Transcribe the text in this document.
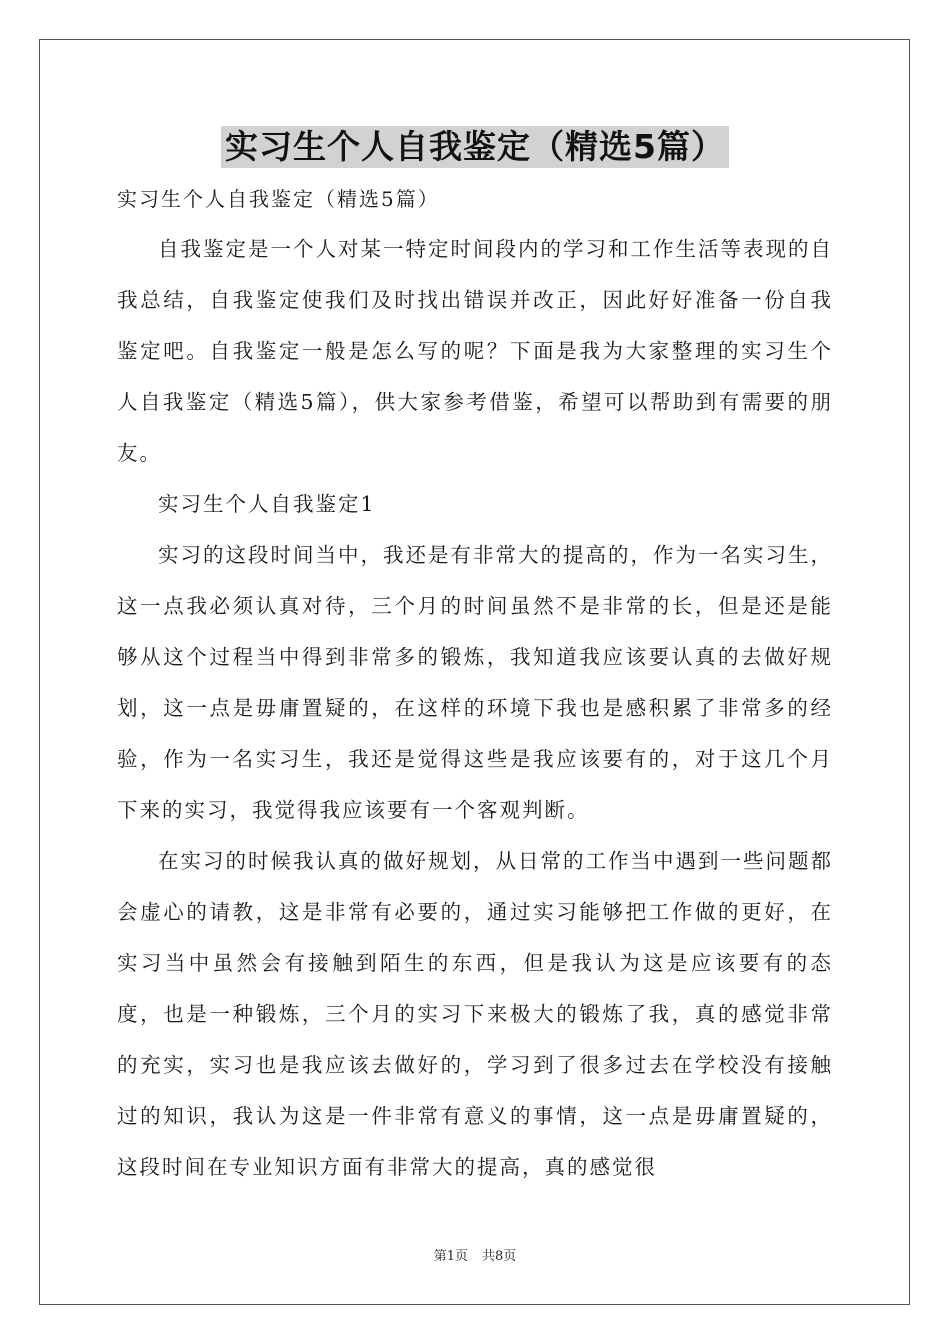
实习生个人自我鉴定（精选5篇）
实习生个人自我鉴定（精选5篇）

自我鉴定是一个人对某一特定时间段内的学习和工作生活等表现的自我总结，自我鉴定使我们及时找出错误并改正，因此好好准备一份自我鉴定吧。自我鉴定一般是怎么写的呢？下面是我为大家整理的实习生个人自我鉴定（精选5篇），供大家参考借鉴，希望可以帮助到有需要的朋友。

实习生个人自我鉴定1

实习的这段时间当中，我还是有非常大的提高的，作为一名实习生，这一点我必须认真对待，三个月的时间虽然不是非常的长，但是还是能够从这个过程当中得到非常多的锻炼，我知道我应该要认真的去做好规划，这一点是毋庸置疑的，在这样的环境下我也是感积累了非常多的经验，作为一名实习生，我还是觉得这些是我应该要有的，对于这几个月下来的实习，我觉得我应该要有一个客观判断。

在实习的时候我认真的做好规划，从日常的工作当中遇到一些问题都会虚心的请教，这是非常有必要的，通过实习能够把工作做的更好，在实习当中虽然会有接触到陌生的东西，但是我认为这是应该要有的态度，也是一种锻炼，三个月的实习下来极大的锻炼了我，真的感觉非常的充实，实习也是我应该去做好的，学习到了很多过去在学校没有接触过的知识，我认为这是一件非常有意义的事情，这一点是毋庸置疑的，这段时间在专业知识方面有非常大的提高，真的感觉很

第1页 共8页
